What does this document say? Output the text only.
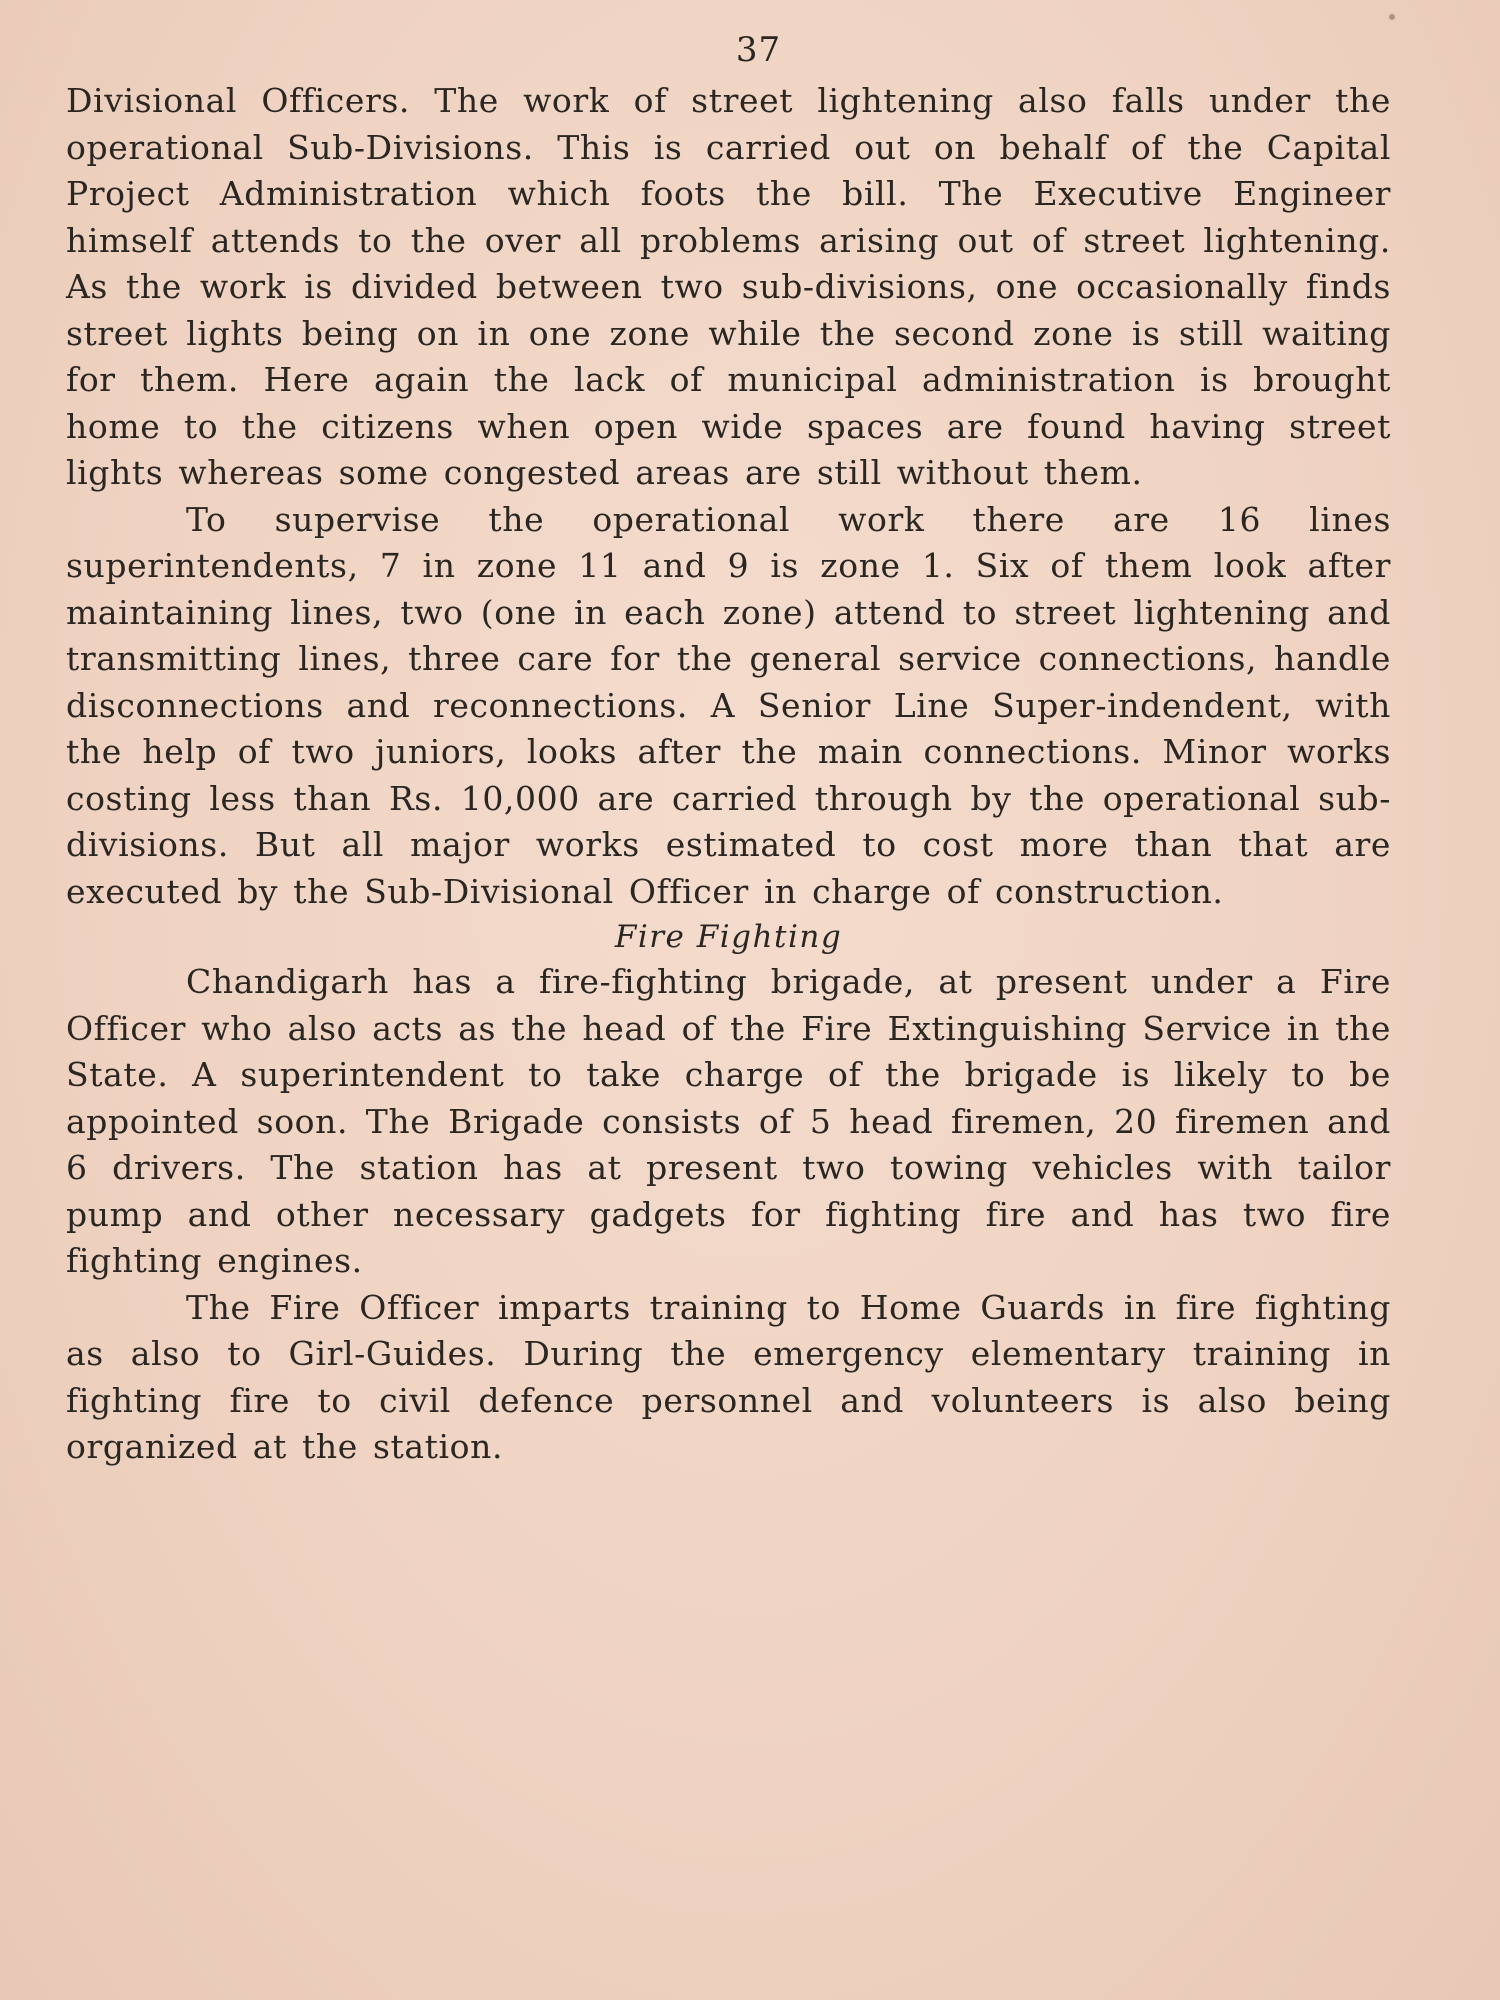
37

Divisional Officers. The work of street lightening also falls under the operational Sub-Divisions. This is carried out on behalf of the Capital Project Administration which foots the bill. The Executive Engineer himself attends to the over all problems arising out of street lightening. As the work is divided between two sub-divisions, one occasionally finds street lights being on in one zone while the second zone is still waiting for them. Here again the lack of municipal administration is brought home to the citizens when open wide spaces are found having street lights whereas some congested areas are still without them.

To supervise the operational work there are 16 lines superintendents, 7 in zone 11 and 9 is zone 1. Six of them look after maintaining lines, two (one in each zone) attend to street lightening and transmitting lines, three care for the general service connections, handle disconnections and reconnections. A Senior Line Super-indendent, with the help of two juniors, looks after the main connections. Minor works costing less than Rs. 10,000 are carried through by the operational sub-divisions. But all major works estimated to cost more than that are executed by the Sub-Divisional Officer in charge of construction.

Fire Fighting

Chandigarh has a fire-fighting brigade, at present under a Fire Officer who also acts as the head of the Fire Extinguishing Service in the State. A superintendent to take charge of the brigade is likely to be appointed soon. The Brigade consists of 5 head firemen, 20 firemen and 6 drivers. The station has at present two towing vehicles with tailor pump and other necessary gadgets for fighting fire and has two fire fighting engines.

The Fire Officer imparts training to Home Guards in fire fighting as also to Girl-Guides. During the emergency elementary training in fighting fire to civil defence personnel and volunteers is also being organized at the station.
